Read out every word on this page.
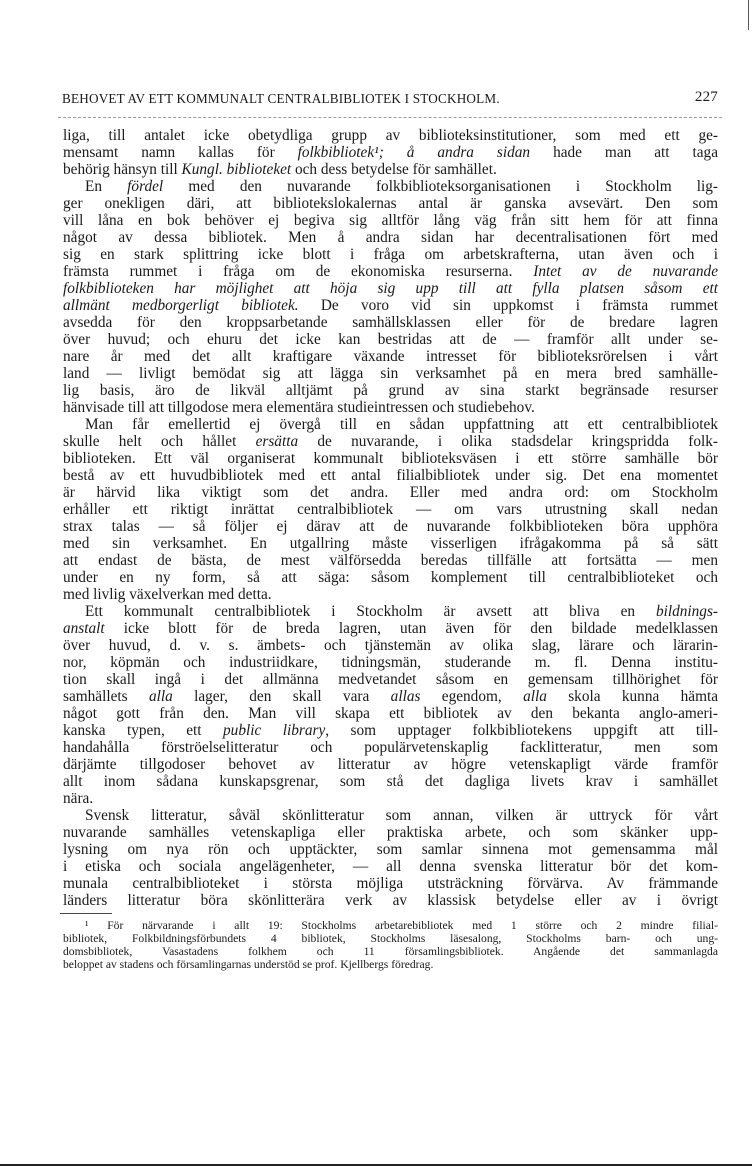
BEHOVET AV ETT KOMMUNALT CENTRALBIBLIOTEK I STOCKHOLM.	227
liga, till antalet icke obetydliga grupp av biblioteksinstitutioner, som med ett ge-
mensamt namn kallas för folkbibliotek¹; å andra sidan hade man att taga
behörig hänsyn till Kungl. biblioteket och dess betydelse för samhället.
En fördel med den nuvarande folkbiblioteksorganisationen i Stockholm lig-
ger onekligen däri, att bibliotekslokalernas antal är ganska avsevärt. Den som
vill låna en bok behöver ej begiva sig alltför lång väg från sitt hem för att finna
något av dessa bibliotek. Men å andra sidan har decentralisationen fört med
sig en stark splittring icke blott i fråga om arbetskrafterna, utan även och i
främsta rummet i fråga om de ekonomiska resurserna. Intet av de nuvarande
folkbiblioteken har möjlighet att höja sig upp till att fylla platsen såsom ett
allmänt medborgerligt bibliotek. De voro vid sin uppkomst i främsta rummet
avsedda för den kroppsarbetande samhällsklassen eller för de bredare lagren
över huvud; och ehuru det icke kan bestridas att de — framför allt under se-
nare år med det allt kraftigare växande intresset för biblioteksrörelsen i vårt
land — livligt bemödat sig att lägga sin verksamhet på en mera bred samhälle-
lig basis, äro de likväl alltjämt på grund av sina starkt begränsade resurser
hänvisade till att tillgodose mera elementära studieintressen och studiebehov.
Man får emellertid ej övergå till en sådan uppfattning att ett centralbibliotek
skulle helt och hållet ersätta de nuvarande, i olika stadsdelar kringspridda folk-
biblioteken. Ett väl organiserat kommunalt biblioteksväsen i ett större samhälle bör
bestå av ett huvudbibliotek med ett antal filialbibliotek under sig. Det ena momentet
är härvid lika viktigt som det andra. Eller med andra ord: om Stockholm
erhåller ett riktigt inrättat centralbibliotek — om vars utrustning skall nedan
strax talas — så följer ej därav att de nuvarande folkbiblioteken böra upphöra
med sin verksamhet. En utgallring måste visserligen ifrågakomma på så sätt
att endast de bästa, de mest välförsedda beredas tillfälle att fortsätta — men
under en ny form, så att säga: såsom komplement till centralbiblioteket och
med livlig växelverkan med detta.
Ett kommunalt centralbibliotek i Stockholm är avsett att bliva en bildnings-
anstalt icke blott för de breda lagren, utan även för den bildade medelklassen
över huvud, d. v. s. ämbets- och tjänstemän av olika slag, lärare och lärarin-
nor, köpmän och industriidkare, tidningsmän, studerande m. fl. Denna institu-
tion skall ingå i det allmänna medvetandet såsom en gemensam tillhörighet för
samhällets alla lager, den skall vara allas egendom, alla skola kunna hämta
något gott från den. Man vill skapa ett bibliotek av den bekanta anglo-ameri-
kanska typen, ett public library, som upptager folkbibliotekens uppgift att till-
handahålla förströelselitteratur och populärvetenskaplig facklitteratur, men som
därjämte tillgodoser behovet av litteratur av högre vetenskapligt värde framför
allt inom sådana kunskapsgrenar, som stå det dagliga livets krav i samhället
nära.
Svensk litteratur, såväl skönlitteratur som annan, vilken är uttryck för vårt
nuvarande samhälles vetenskapliga eller praktiska arbete, och som skänker upp-
lysning om nya rön och upptäckter, som samlar sinnena mot gemensamma mål
i etiska och sociala angelägenheter, — all denna svenska litteratur bör det kom-
munala centralbiblioteket i största möjliga utsträckning förvärva. Av främmande
länders litteratur böra skönlitterära verk av klassisk betydelse eller av i övrigt
¹ För närvarande i allt 19: Stockholms arbetarebibliotek med 1 större och 2 mindre filial-
bibliotek, Folkbildningsförbundets 4 bibliotek, Stockholms läsesalong, Stockholms barn- och ung-
domsbibliotek, Vasastadens folkhem och 11 församlingsbibliotek. Angående det sammanlagda
beloppet av stadens och församlingarnas understöd se prof. Kjellbergs föredrag.
